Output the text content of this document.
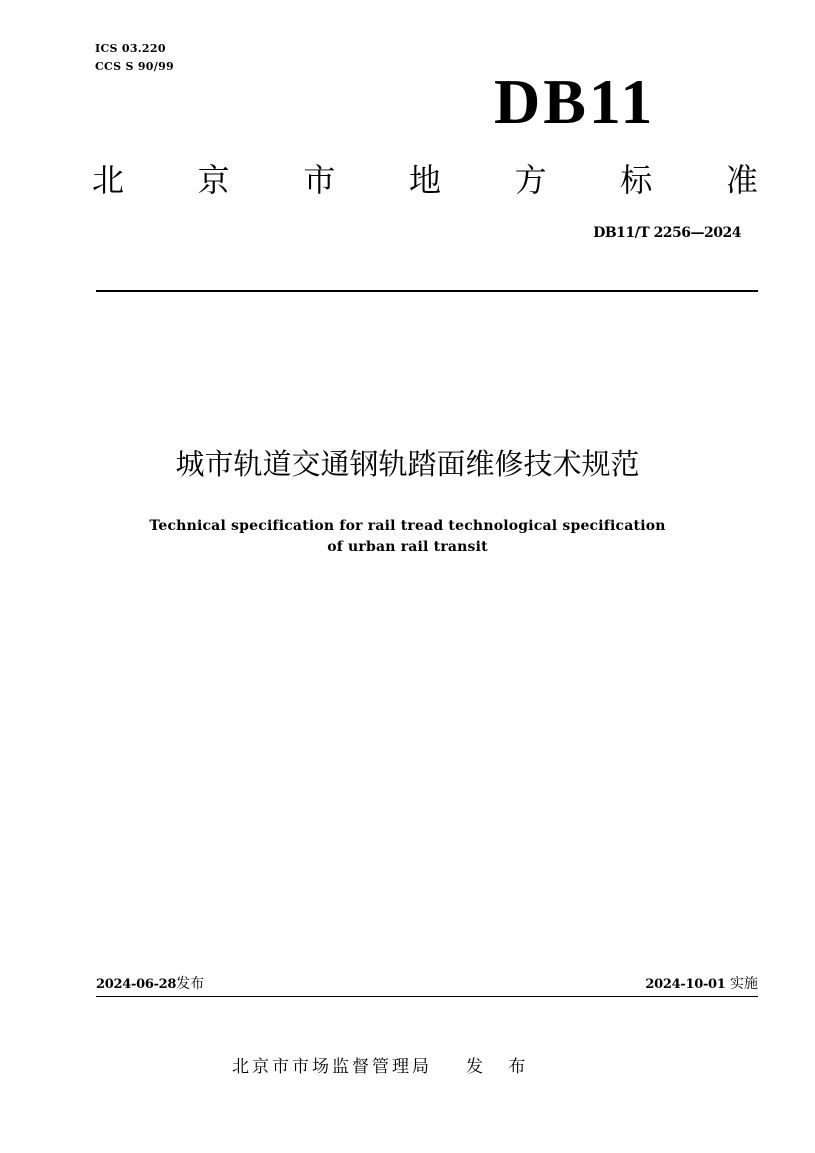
ICS 03.220
CCS S 90/99	DB11
北 京 市 地 方 标 准
DB11/T 2256—2024
城市轨道交通钢轨踏面维修技术规范
Technical specification for rail tread technological specification
of urban rail transit
2024-06-28发布	2024-10-01 实施
北京市市场监督管理局 发 布
